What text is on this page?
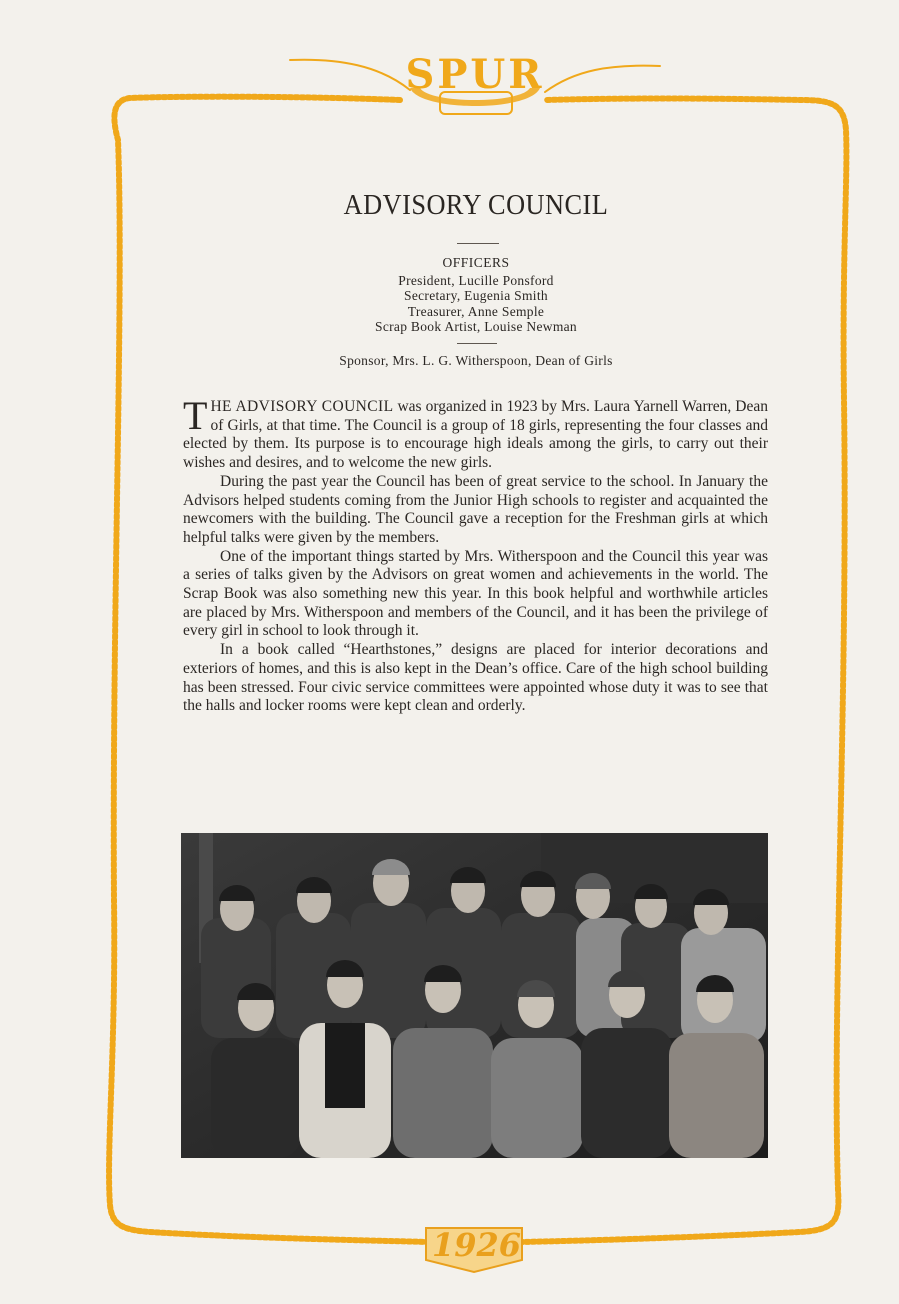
SPUR
1926
ADVISORY COUNCIL
OFFICERS
President, Lucille Ponsford
Secretary, Eugenia Smith
Treasurer, Anne Semple
Scrap Book Artist, Louise Newman
Sponsor, Mrs. L. G. Witherspoon, Dean of Girls

THE ADVISORY COUNCIL was organized in 1923 by Mrs. Laura Yarnell Warren, Dean of Girls, at that time. The Council is a group of 18 girls, representing the four classes and elected by them. Its purpose is to encourage high ideals among the girls, to carry out their wishes and desires, and to welcome the new girls.

During the past year the Council has been of great service to the school. In January the Advisors helped students coming from the Junior High schools to register and acquainted the newcomers with the building. The Council gave a reception for the Freshman girls at which helpful talks were given by the members.

One of the important things started by Mrs. Witherspoon and the Council this year was a series of talks given by the Advisors on great women and achievements in the world. The Scrap Book was also something new this year. In this book helpful and worthwhile articles are placed by Mrs. Witherspoon and members of the Council, and it has been the privilege of every girl in school to look through it.

In a book called “Hearthstones,” designs are placed for interior decorations and exteriors of homes, and this is also kept in the Dean’s office. Care of the high school building has been stressed. Four civic service committees were appointed whose duty it was to see that the halls and locker rooms were kept clean and orderly.
